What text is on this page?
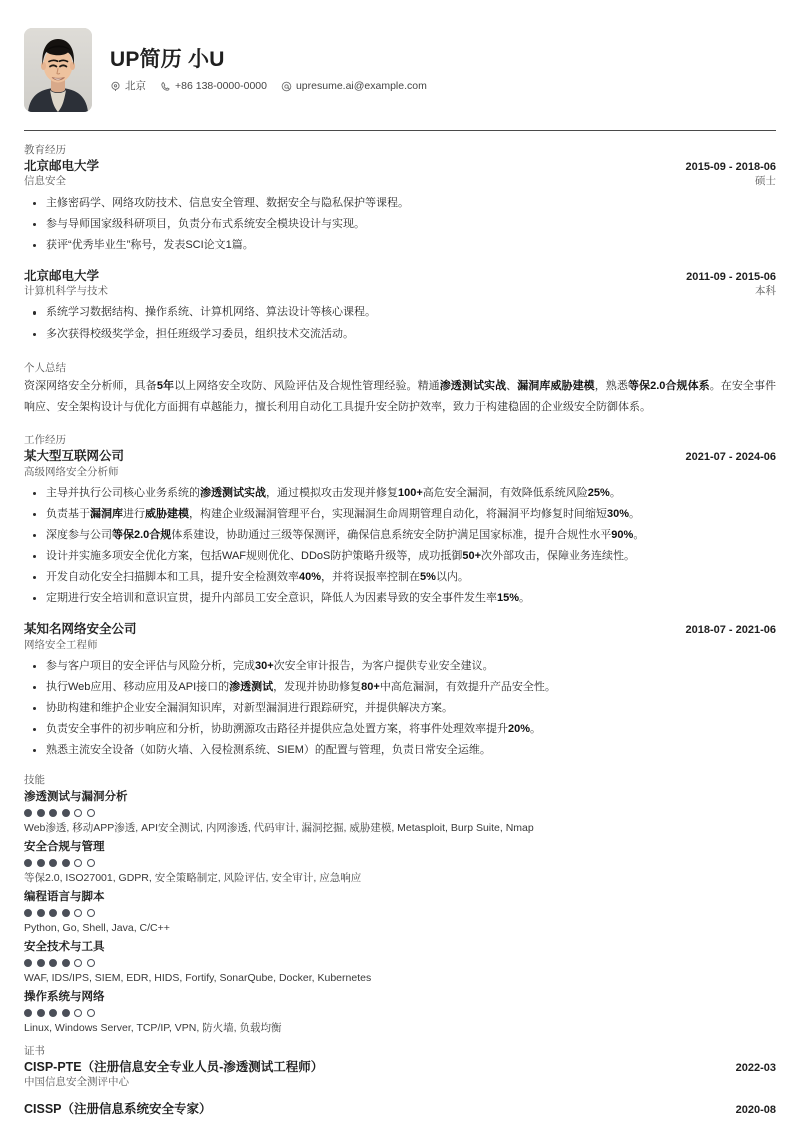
UP简历 小U
北京	+86 138-0000-0000	upresume.ai@example.com
教育经历
北京邮电大学	2015-09 - 2018-06
信息安全	硕士
主修密码学、网络攻防技术、信息安全管理、数据安全与隐私保护等课程。
参与导师国家级科研项目，负责分布式系统安全模块设计与实现。
获评“优秀毕业生”称号，发表SCI论文1篇。
北京邮电大学	2011-09 - 2015-06
计算机科学与技术	本科
系统学习数据结构、操作系统、计算机网络、算法设计等核心课程。
多次获得校级奖学金，担任班级学习委员，组织技术交流活动。
个人总结
资深网络安全分析师，具备5年以上网络安全攻防、风险评估及合规性管理经验。精通渗透测试实战、漏洞库威胁建模，熟悉等保2.0合规体系。在安全事件响应、安全架构设计与优化方面拥有卓越能力，擅长利用自动化工具提升安全防护效率，致力于构建稳固的企业级安全防御体系。
工作经历
某大型互联网公司	2021-07 - 2024-06
高级网络安全分析师
主导并执行公司核心业务系统的渗透测试实战，通过模拟攻击发现并修复100+高危安全漏洞，有效降低系统风险25%。
负责基于漏洞库进行威胁建模，构建企业级漏洞管理平台，实现漏洞生命周期管理自动化，将漏洞平均修复时间缩短30%。
深度参与公司等保2.0合规体系建设，协助通过三级等保测评，确保信息系统安全防护满足国家标准，提升合规性水平90%。
设计并实施多项安全优化方案，包括WAF规则优化、DDoS防护策略升级等，成功抵御50+次外部攻击，保障业务连续性。
开发自动化安全扫描脚本和工具，提升安全检测效率40%，并将误报率控制在5%以内。
定期进行安全培训和意识宣贯，提升内部员工安全意识，降低人为因素导致的安全事件发生率15%。
某知名网络安全公司	2018-07 - 2021-06
网络安全工程师
参与客户项目的安全评估与风险分析，完成30+次安全审计报告，为客户提供专业安全建议。
执行Web应用、移动应用及API接口的渗透测试，发现并协助修复80+中高危漏洞，有效提升产品安全性。
协助构建和维护企业安全漏洞知识库，对新型漏洞进行跟踪研究，并提供解决方案。
负责安全事件的初步响应和分析，协助溯源攻击路径并提供应急处置方案，将事件处理效率提升20%。
熟悉主流安全设备（如防火墙、入侵检测系统、SIEM）的配置与管理，负责日常安全运维。
技能
渗透测试与漏洞分析
Web渗透, 移动APP渗透, API安全测试, 内网渗透, 代码审计, 漏洞挖掘, 威胁建模, Metasploit, Burp Suite, Nmap
安全合规与管理
等保2.0, ISO27001, GDPR, 安全策略制定, 风险评估, 安全审计, 应急响应
编程语言与脚本
Python, Go, Shell, Java, C/C++
安全技术与工具
WAF, IDS/IPS, SIEM, EDR, HIDS, Fortify, SonarQube, Docker, Kubernetes
操作系统与网络
Linux, Windows Server, TCP/IP, VPN, 防火墙, 负载均衡
证书
CISP-PTE（注册信息安全专业人员-渗透测试工程师）	2022-03
中国信息安全测评中心
CISSP（注册信息系统安全专家）	2020-08
